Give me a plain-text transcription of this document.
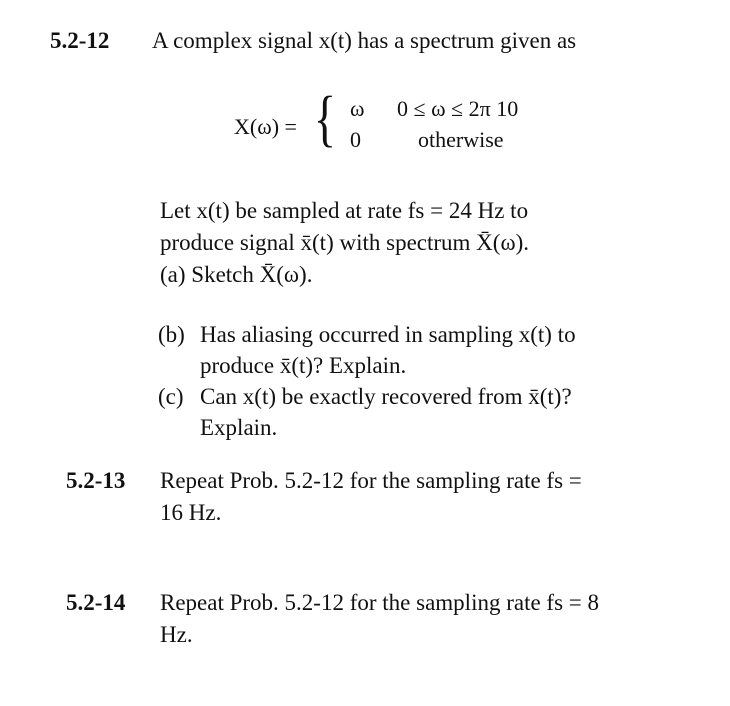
5.2-12 A complex signal x(t) has a spectrum given as
X(ω) = { ω 0 ≤ ω ≤ 2π 10
0	otherwise
Let x(t) be sampled at rate fs = 24 Hz to
produce signal x̄(t) with spectrum X̄(ω).
(a) Sketch X̄(ω).
(b) Has aliasing occurred in sampling x(t) to
produce x̄(t)? Explain.
(c) Can x(t) be exactly recovered from x̄(t)?
Explain.
5.2-13 Repeat Prob. 5.2-12 for the sampling rate fs =
16 Hz.
5.2-14 Repeat Prob. 5.2-12 for the sampling rate fs = 8
Hz.
